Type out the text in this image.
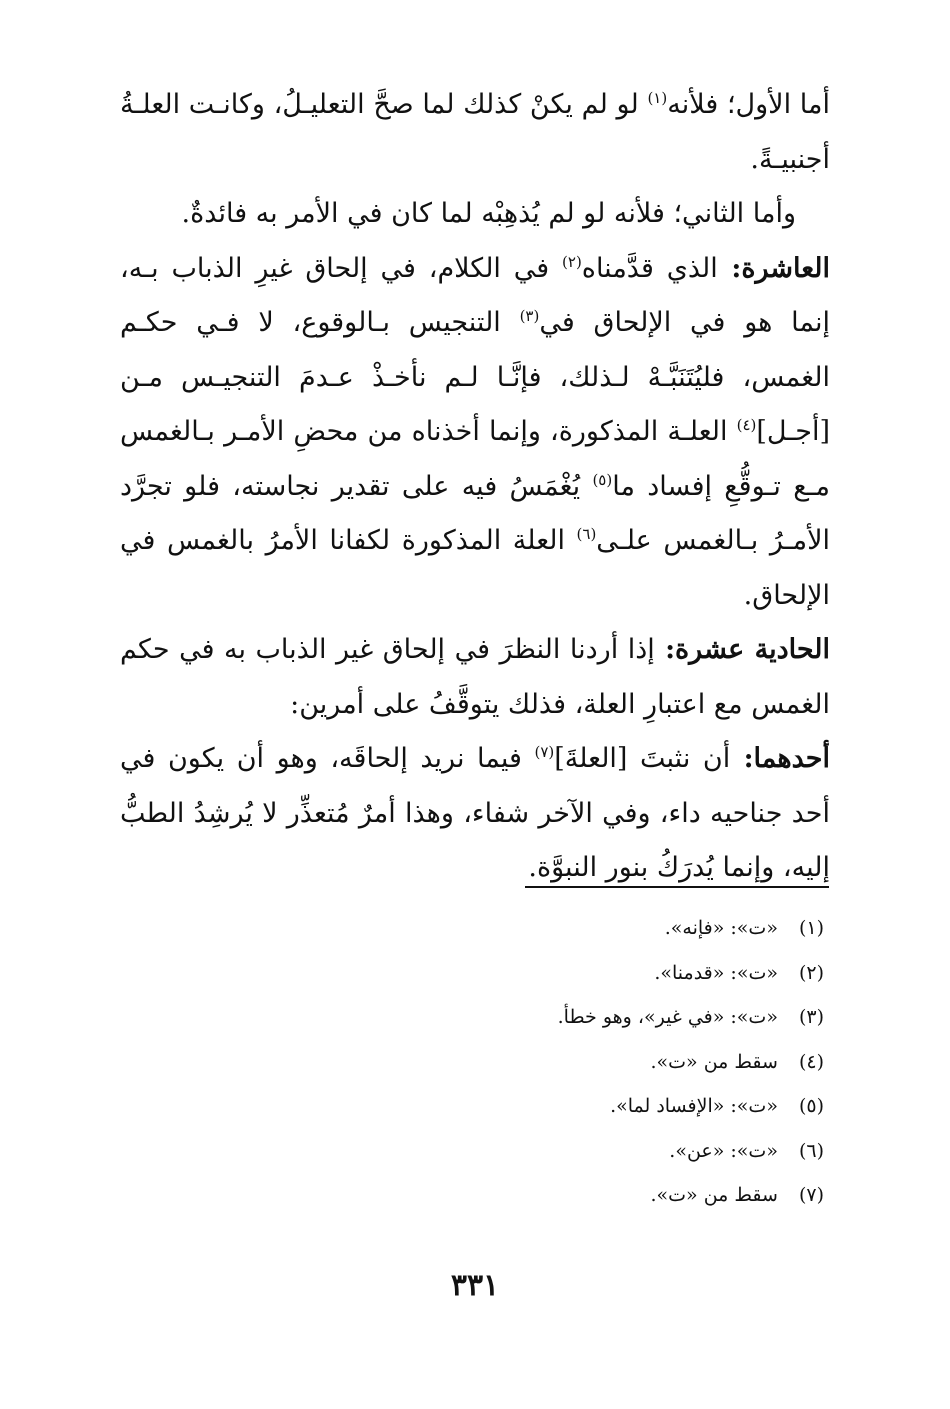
أما الأول؛ فلأنه$^{(١)}$ لو لم يكنْ كذلك لما صحَّ التعليـلُ، وكانـت العلـةُ أجنبيـةً.

وأما الثاني؛ فلأنه لو لم يُذهِبْه لما كان في الأمر به فائدةٌ.

العاشرة: الذي قدَّمناه$^{(٢)}$ في الكلام، في إلحاق غيرِ الذباب بـه، إنما هو في الإلحاق في$^{(٣)}$ التنجيس بـالوقوع، لا فـي حكـم الغمس، فليُتَنَبَّـهْ لـذلك، فإنَّـا لـم نأخـذْ عـدمَ التنجيـس مـن [أجـل]$^{(٤)}$ العلـة المذكورة، وإنما أخذناه من محضِ الأمـر بـالغمس مـع تـوقُّعِ إفساد ما$^{(٥)}$ يُغْمَسُ فيه على تقدير نجاسته، فلو تجرَّد الأمـرُ بـالغمس علـى$^{(٦)}$ العلة المذكورة لكفانا الأمرُ بالغمس في الإلحاق.

الحادية عشرة: إذا أردنا النظرَ في إلحاق غير الذباب به في حكم الغمس مع اعتبارِ العلة، فذلك يتوقَّفُ على أمرين:

أحدهما: أن نثبتَ [العلةَ]$^{(٧)}$ فيما نريد إلحاقَه، وهو أن يكون في أحد جناحيه داء، وفي الآخر شفاء، وهذا أمرٌ مُتعذِّر لا يُرشِدُ الطبُّ إليه، وإنما يُدرَكُ بنور النبوَّة.

(١) «ت»: «فإنه».
(٢) «ت»: «قدمنا».
(٣) «ت»: «في غير»، وهو خطأ.
(٤) سقط من «ت».
(٥) «ت»: «الإفساد لما».
(٦) «ت»: «عن».
(٧) سقط من «ت».
٣٣١
